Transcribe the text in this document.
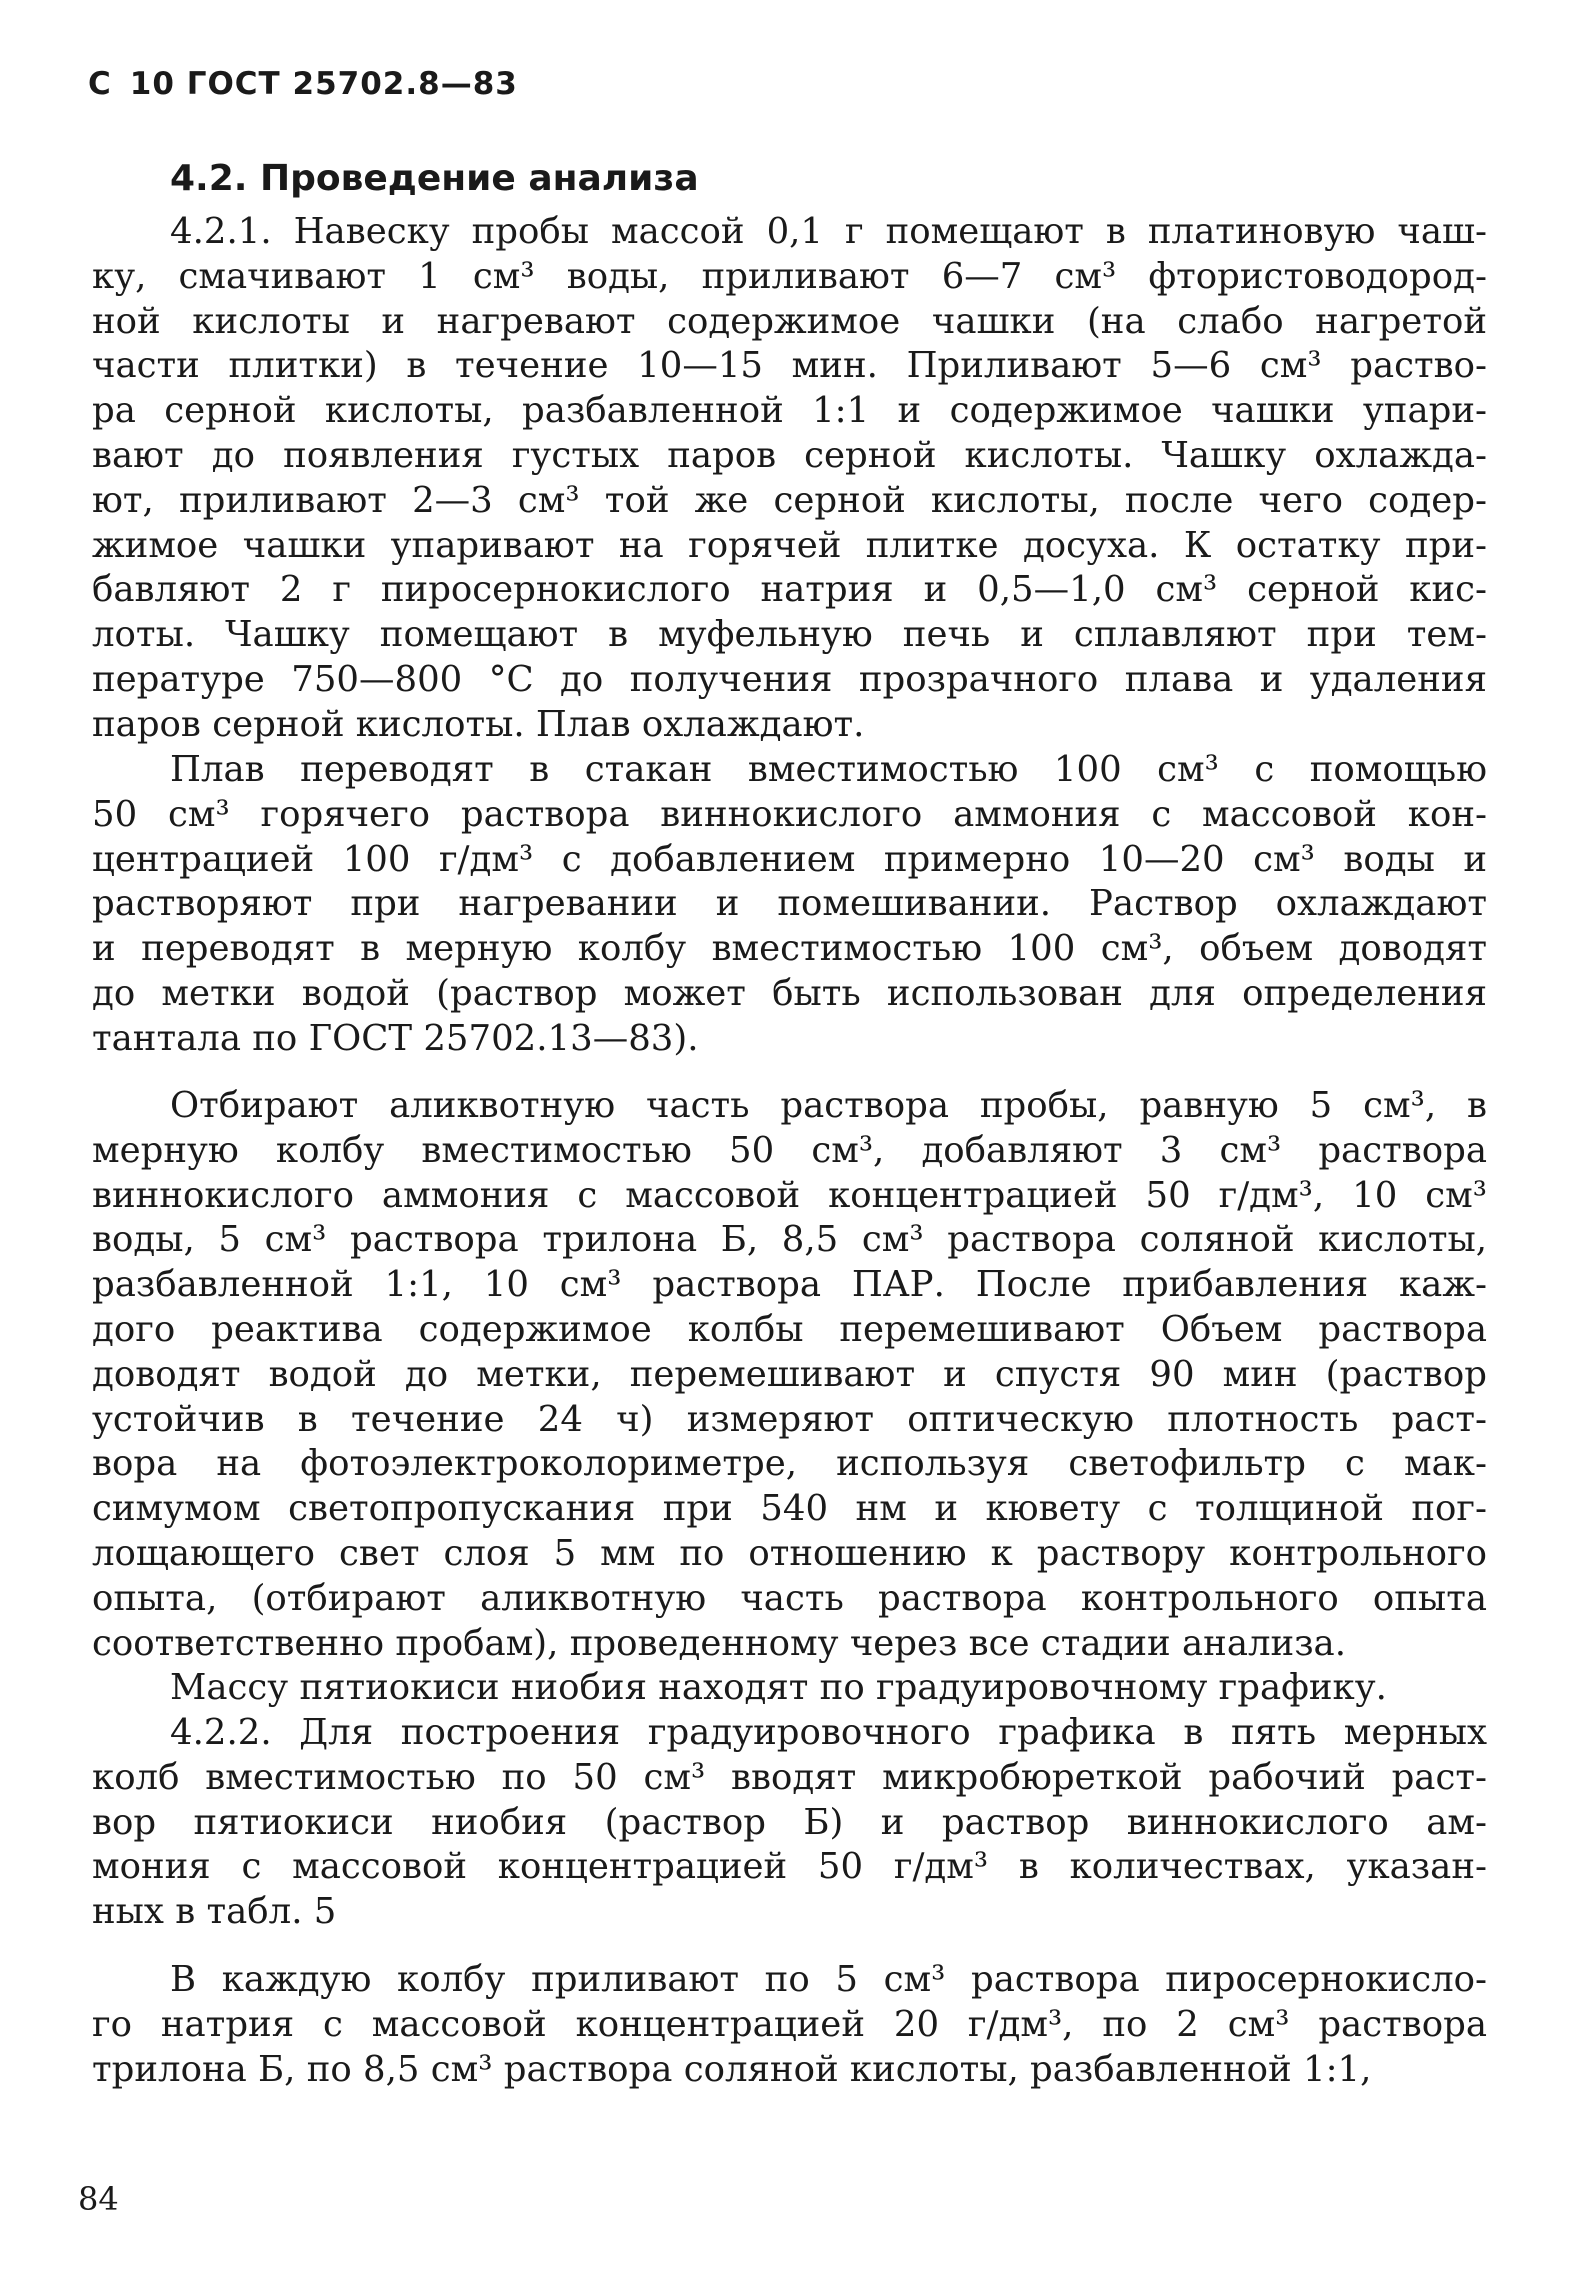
С 10 ГОСТ 25702.8—83
4.2. Проведение анализа
4.2.1. Навеску пробы массой 0,1 г помещают в платиновую чаш-
ку, смачивают 1 см³ воды, приливают 6—7 см³ фтористоводород-
ной кислоты и нагревают содержимое чашки (на слабо нагретой
части плитки) в течение 10—15 мин. Приливают 5—6 см³ раство-
ра серной кислоты, разбавленной 1:1 и содержимое чашки упари-
вают до появления густых паров серной кислоты. Чашку охлажда-
ют, приливают 2—3 см³ той же серной кислоты, после чего содер-
жимое чашки упаривают на горячей плитке досуха. К остатку при-
бавляют 2 г пиросернокислого натрия и 0,5—1,0 см³ серной кис-
лоты. Чашку помещают в муфельную печь и сплавляют при тем-
пературе 750—800 °С до получения прозрачного плава и удаления
паров серной кислоты. Плав охлаждают.
Плав переводят в стакан вместимостью 100 см³ с помощью
50 см³ горячего раствора виннокислого аммония с массовой кон-
центрацией 100 г/дм³ с добавлением примерно 10—20 см³ воды и
растворяют при нагревании и помешивании. Раствор охлаждают
и переводят в мерную колбу вместимостью 100 см³, объем доводят
до метки водой (раствор может быть использован для определения
тантала по ГОСТ 25702.13—83).
Отбирают аликвотную часть раствора пробы, равную 5 см³, в
мерную колбу вместимостью 50 см³, добавляют 3 см³ раствора
виннокислого аммония с массовой концентрацией 50 г/дм³, 10 см³
воды, 5 см³ раствора трилона Б, 8,5 см³ раствора соляной кислоты,
разбавленной 1:1, 10 см³ раствора ПАР. После прибавления каж-
дого реактива содержимое колбы перемешивают Объем раствора
доводят водой до метки, перемешивают и спустя 90 мин (раствор
устойчив в течение 24 ч) измеряют оптическую плотность раст-
вора на фотоэлектроколориметре, используя светофильтр с мак-
симумом светопропускания при 540 нм и кювету с толщиной пог-
лощающего свет слоя 5 мм по отношению к раствору контрольного
опыта, (отбирают аликвотную часть раствора контрольного опыта
соответственно пробам), проведенному через все стадии анализа.
Массу пятиокиси ниобия находят по градуировочному графику.
4.2.2. Для построения градуировочного графика в пять мерных
колб вместимостью по 50 см³ вводят микробюреткой рабочий раст-
вор пятиокиси ниобия (раствор Б) и раствор виннокислого ам-
мония с массовой концентрацией 50 г/дм³ в количествах, указан-
ных в табл. 5
В каждую колбу приливают по 5 см³ раствора пиросернокисло-
го натрия с массовой концентрацией 20 г/дм³, по 2 см³ раствора
трилона Б, по 8,5 см³ раствора соляной кислоты, разбавленной 1:1,
84
